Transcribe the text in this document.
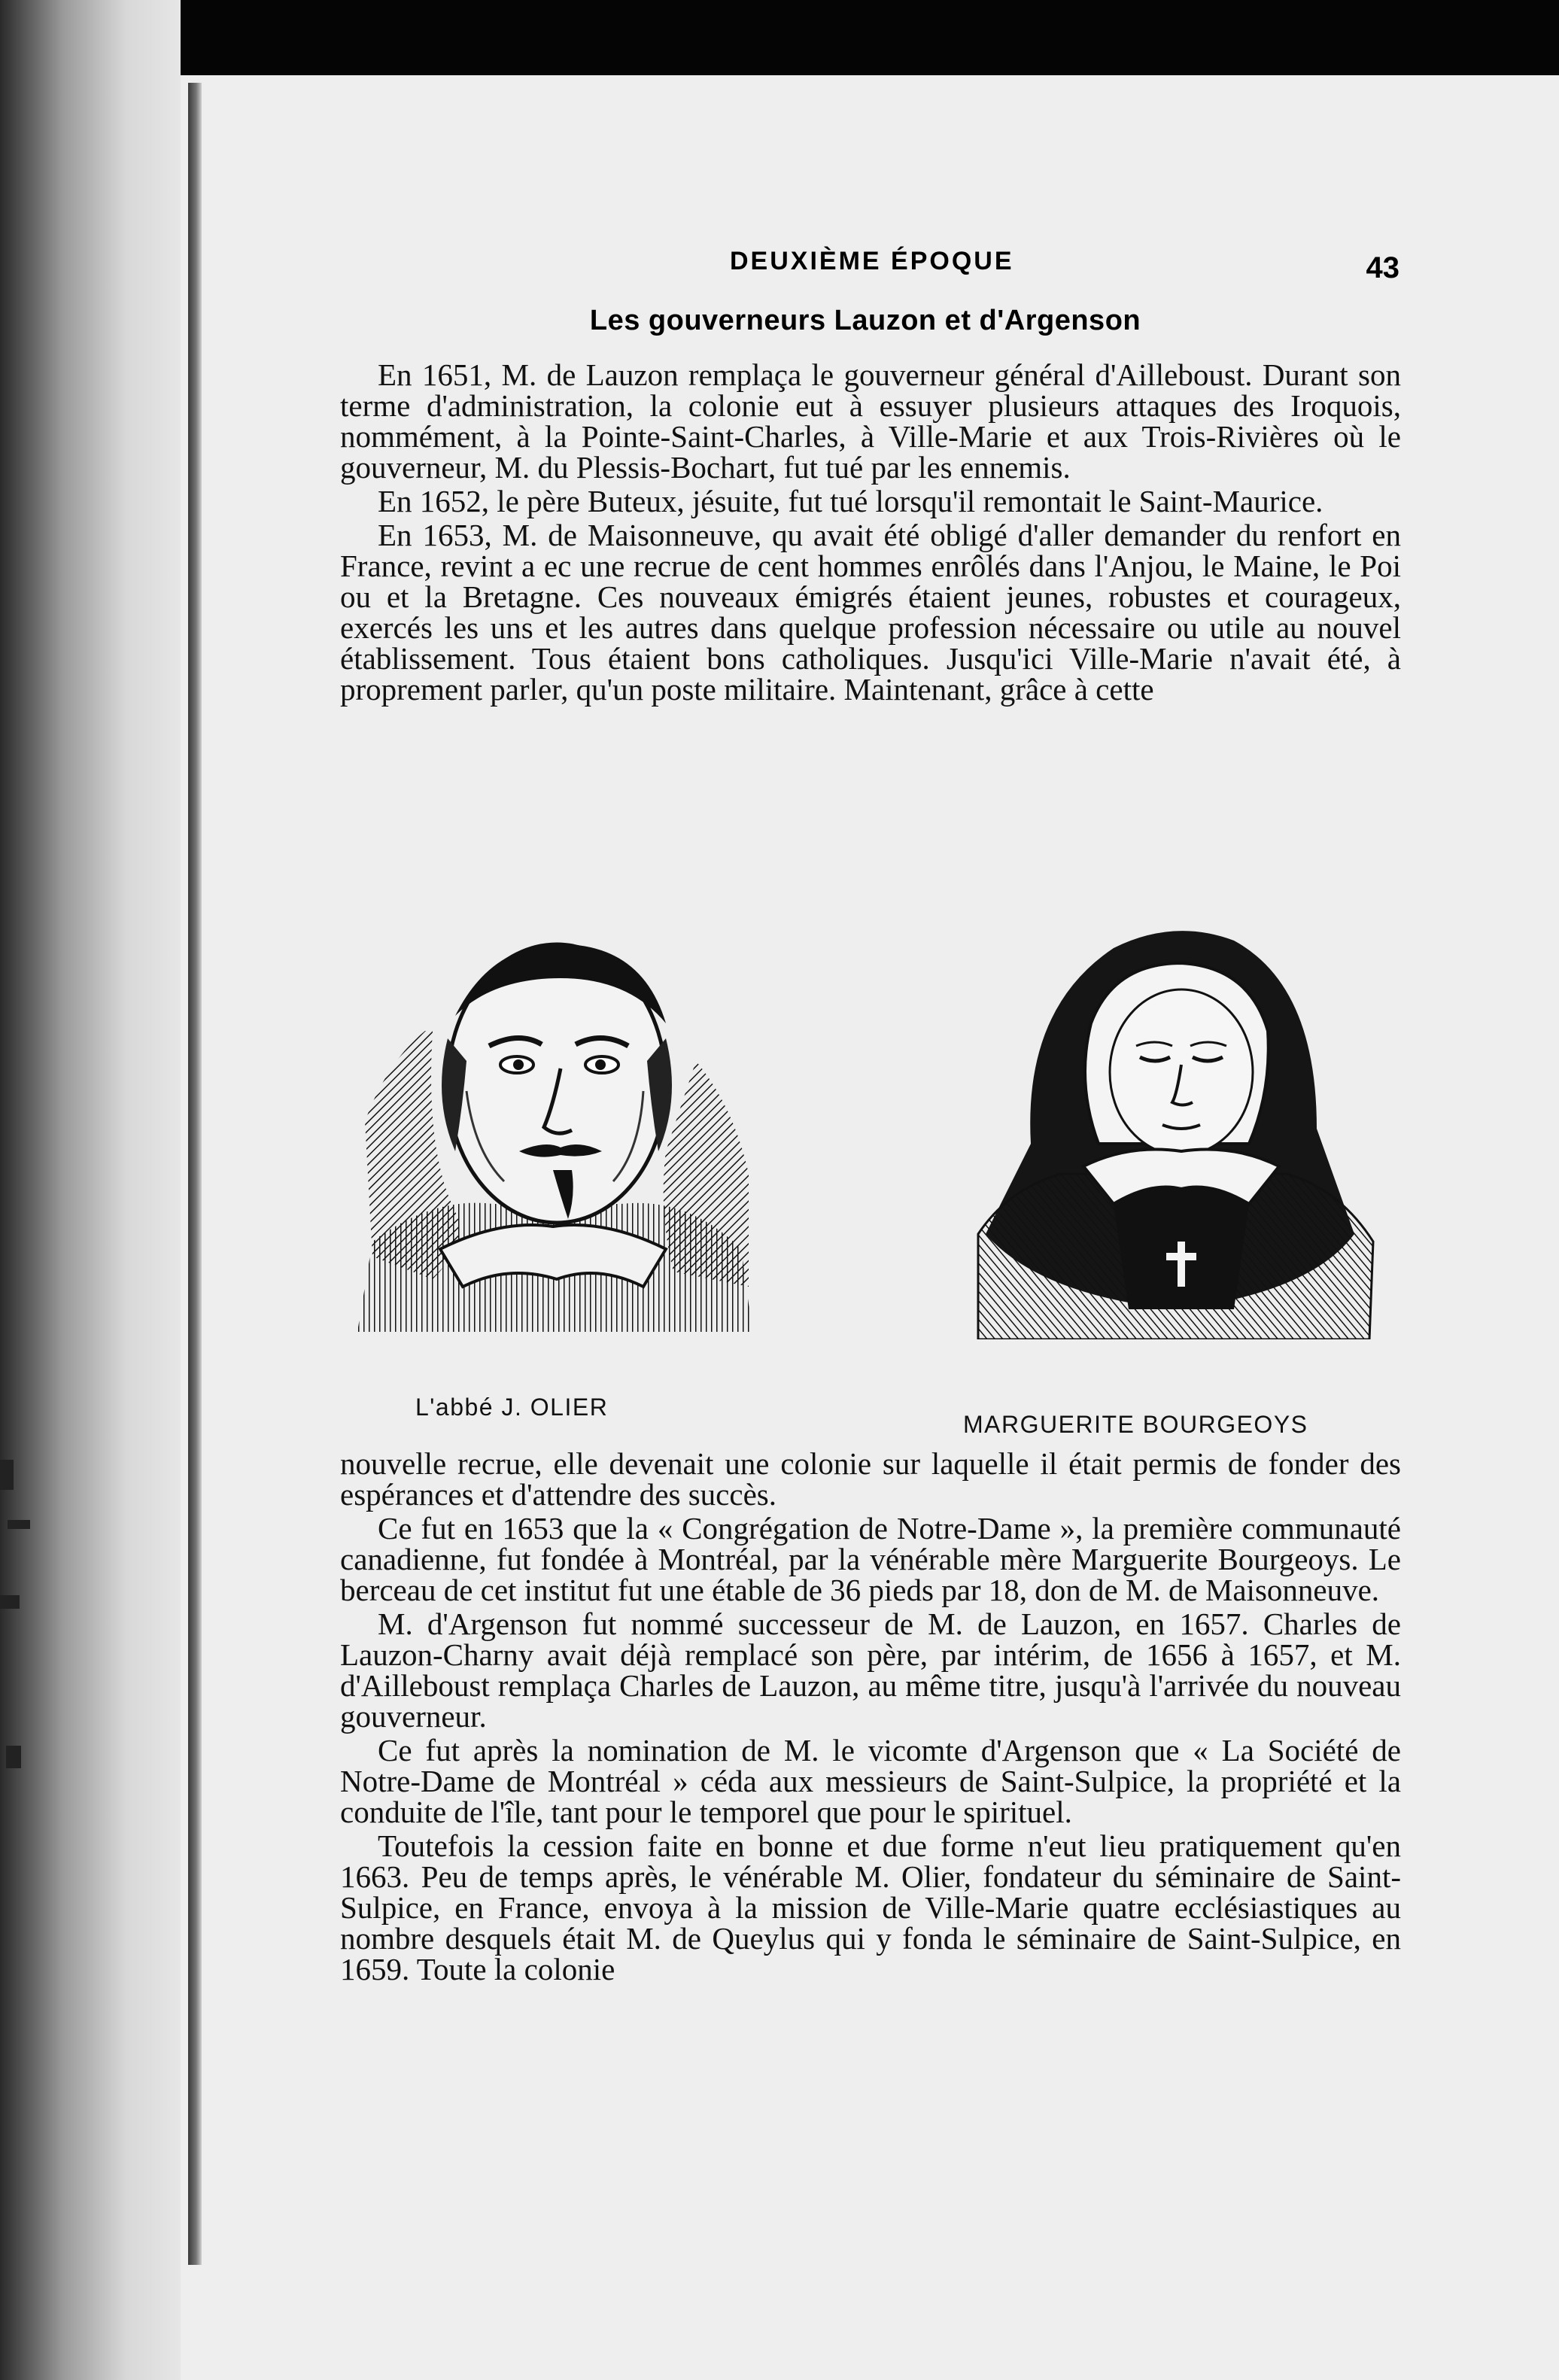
DEUXIÈME ÉPOQUE	43
Les gouverneurs Lauzon et d'Argenson

En 1651, M. de Lauzon remplaça le gouverneur général d'Ailleboust. Durant son terme d'administration, la colonie eut à essuyer plusieurs attaques des Iroquois, nommément, à la Pointe-Saint-Charles, à Ville-Marie et aux Trois-Rivières où le gouverneur, M. du Plessis-Bochart, fut tué par les ennemis.

En 1652, le père Buteux, jésuite, fut tué lorsqu'il remontait le Saint-Maurice.

En 1653, M. de Maisonneuve, qu avait été obligé d'aller demander du renfort en France, revint a ec une recrue de cent hommes enrôlés dans l'Anjou, le Maine, le Poi ou et la Bretagne. Ces nouveaux émigrés étaient jeunes, robustes et courageux, exercés les uns et les autres dans quelque profession nécessaire ou utile au nouvel établissement. Tous étaient bons catholiques. Jusqu'ici Ville-Marie n'avait été, à proprement parler, qu'un poste militaire. Maintenant, grâce à cette

L'abbé J. OLIER
MARGUERITE BOURGEOYS

nouvelle recrue, elle devenait une colonie sur laquelle il était permis de fonder des espérances et d'attendre des succès.

Ce fut en 1653 que la « Congrégation de Notre-Dame », la première communauté canadienne, fut fondée à Montréal, par la vénérable mère Marguerite Bourgeoys. Le berceau de cet institut fut une étable de 36 pieds par 18, don de M. de Maisonneuve.

M. d'Argenson fut nommé successeur de M. de Lauzon, en 1657. Charles de Lauzon-Charny avait déjà remplacé son père, par intérim, de 1656 à 1657, et M. d'Ailleboust remplaça Charles de Lauzon, au même titre, jusqu'à l'arrivée du nouveau gouverneur.

Ce fut après la nomination de M. le vicomte d'Argenson que « La Société de Notre-Dame de Montréal » céda aux messieurs de Saint-Sulpice, la propriété et la conduite de l'île, tant pour le temporel que pour le spirituel.

Toutefois la cession faite en bonne et due forme n'eut lieu pratiquement qu'en 1663. Peu de temps après, le vénérable M. Olier, fondateur du séminaire de Saint-Sulpice, en France, envoya à la mission de Ville-Marie quatre ecclésiastiques au nombre desquels était M. de Queylus qui y fonda le séminaire de Saint-Sulpice, en 1659. Toute la colonie
